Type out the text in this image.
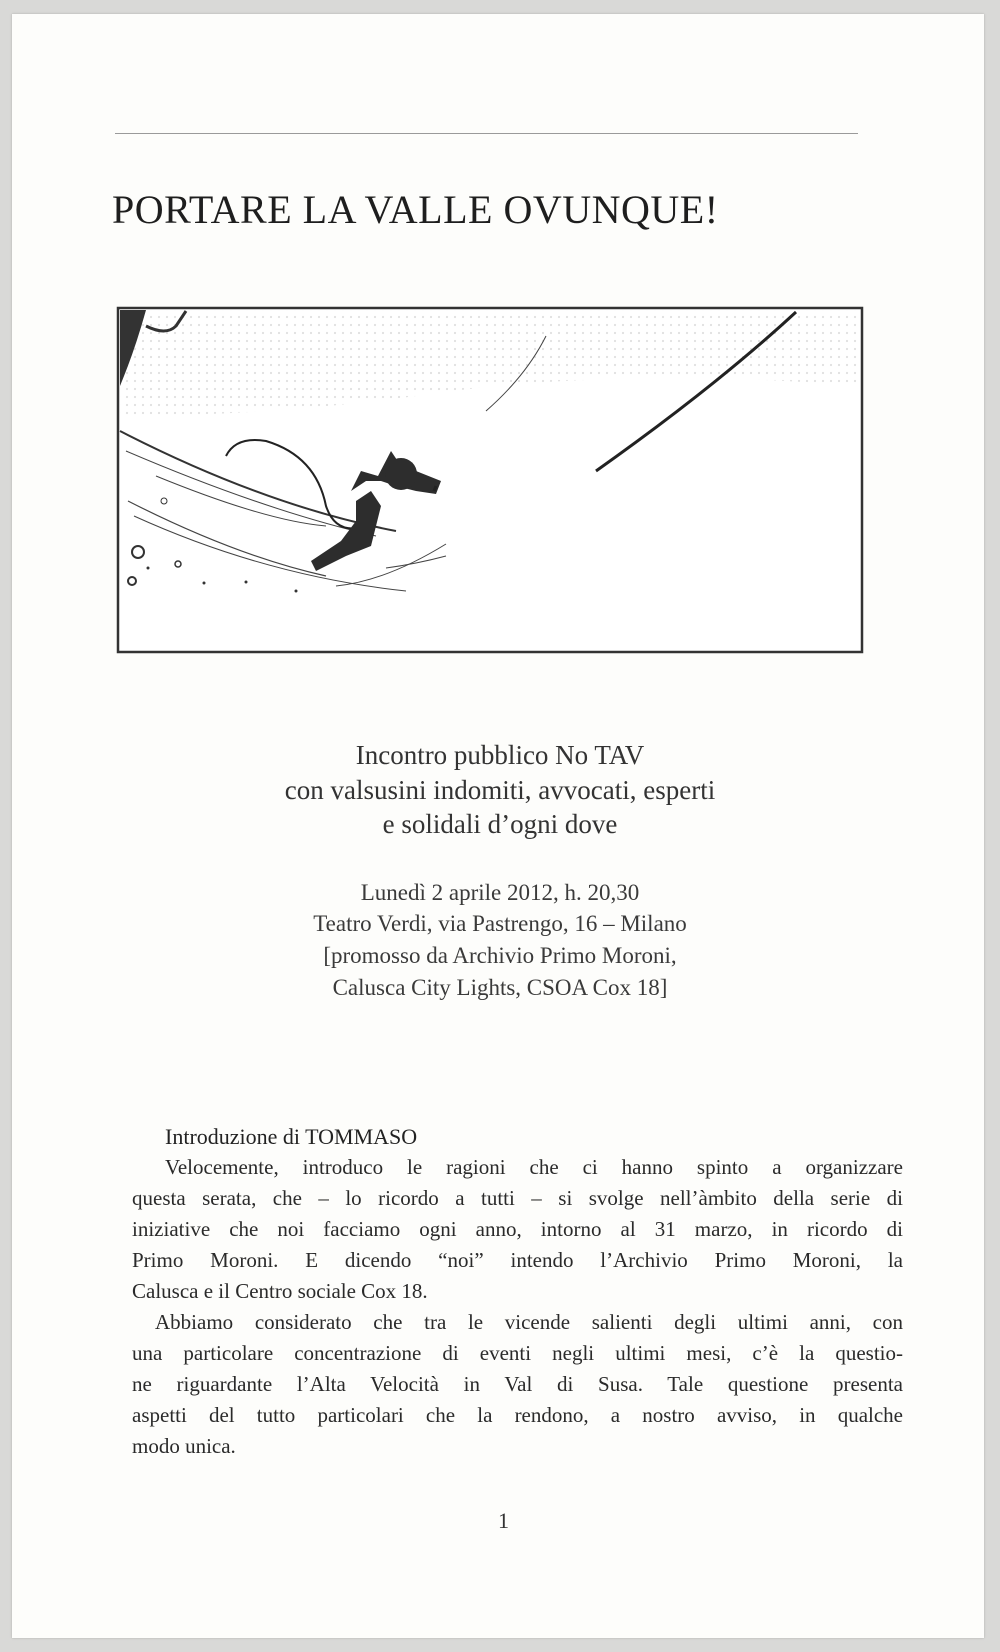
PORTARE LA VALLE OVUNQUE!
Incontro pubblico No TAV
con valsusini indomiti, avvocati, esperti
e solidali d’ogni dove
Lunedì 2 aprile 2012, h. 20,30
Teatro Verdi, via Pastrengo, 16 – Milano
[promosso da Archivio Primo Moroni,
Calusca City Lights, CSOA Cox 18]
Introduzione di TOMMASO
Velocemente, introduco le ragioni che ci hanno spinto a organizzare
questa serata, che – lo ricordo a tutti – si svolge nell’àmbito della serie di
iniziative che noi facciamo ogni anno, intorno al 31 marzo, in ricordo di
Primo Moroni. E dicendo “noi” intendo l’Archivio Primo Moroni, la
Calusca e il Centro sociale Cox 18.
Abbiamo considerato che tra le vicende salienti degli ultimi anni, con
una particolare concentrazione di eventi negli ultimi mesi, c’è la questio-
ne riguardante l’Alta Velocità in Val di Susa. Tale questione presenta
aspetti del tutto particolari che la rendono, a nostro avviso, in qualche
modo unica.
1
